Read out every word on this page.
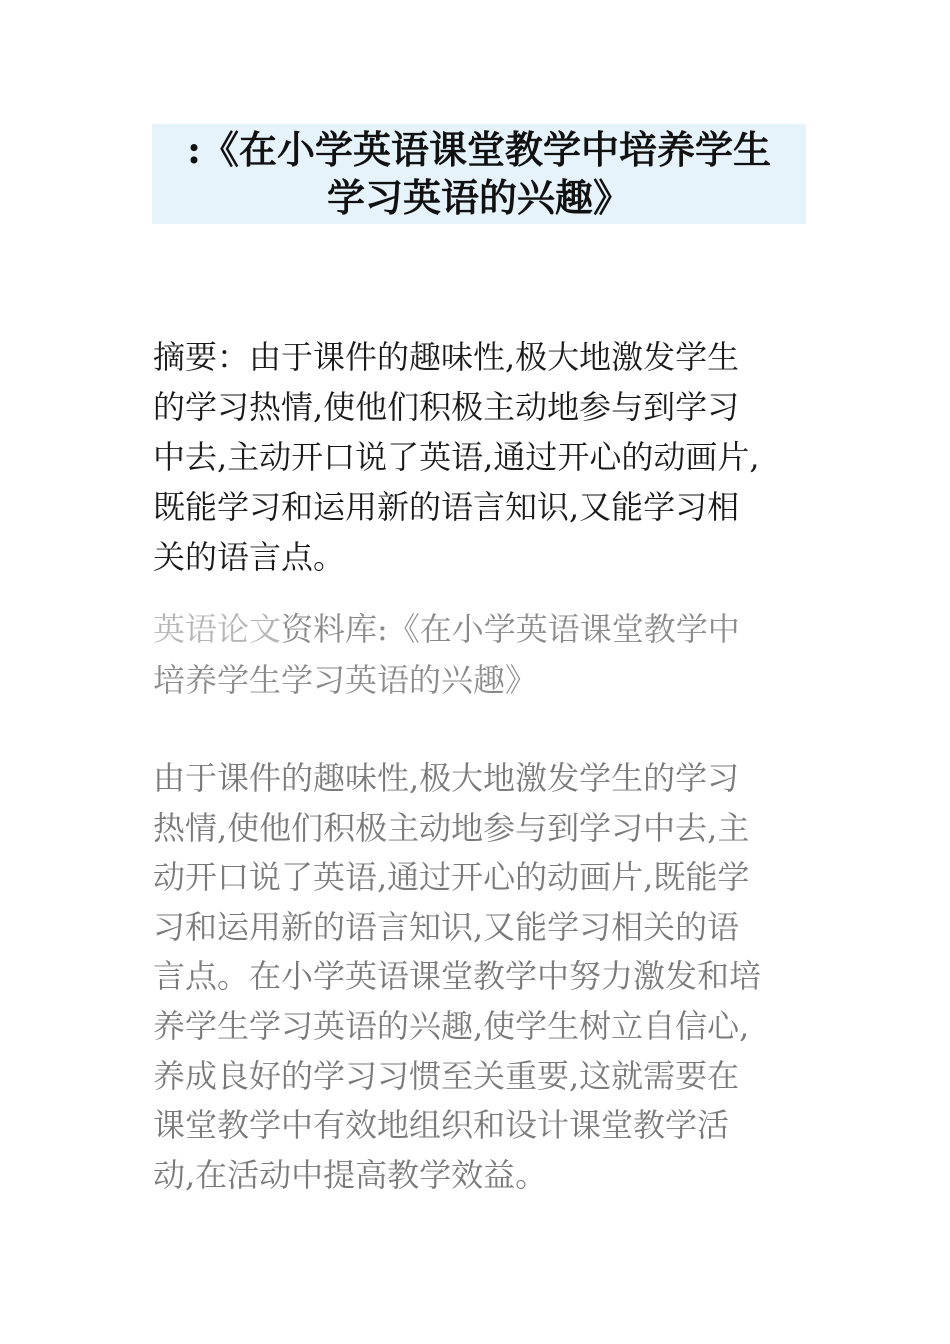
:《在小学英语课堂教学中培养学生
学习英语的兴趣》

摘要：由于课件的趣味性,极大地激发学生
的学习热情,使他们积极主动地参与到学习
中去,主动开口说了英语,通过开心的动画片,
既能学习和运用新的语言知识,又能学习相
关的语言点。

英语论文资料库:《在小学英语课堂教学中
培养学生学习英语的兴趣》

由于课件的趣味性,极大地激发学生的学习
热情,使他们积极主动地参与到学习中去,主
动开口说了英语,通过开心的动画片,既能学
习和运用新的语言知识,又能学习相关的语
言点。在小学英语课堂教学中努力激发和培
养学生学习英语的兴趣,使学生树立自信心,
养成良好的学习习惯至关重要,这就需要在
课堂教学中有效地组织和设计课堂教学活
动,在活动中提高教学效益。
